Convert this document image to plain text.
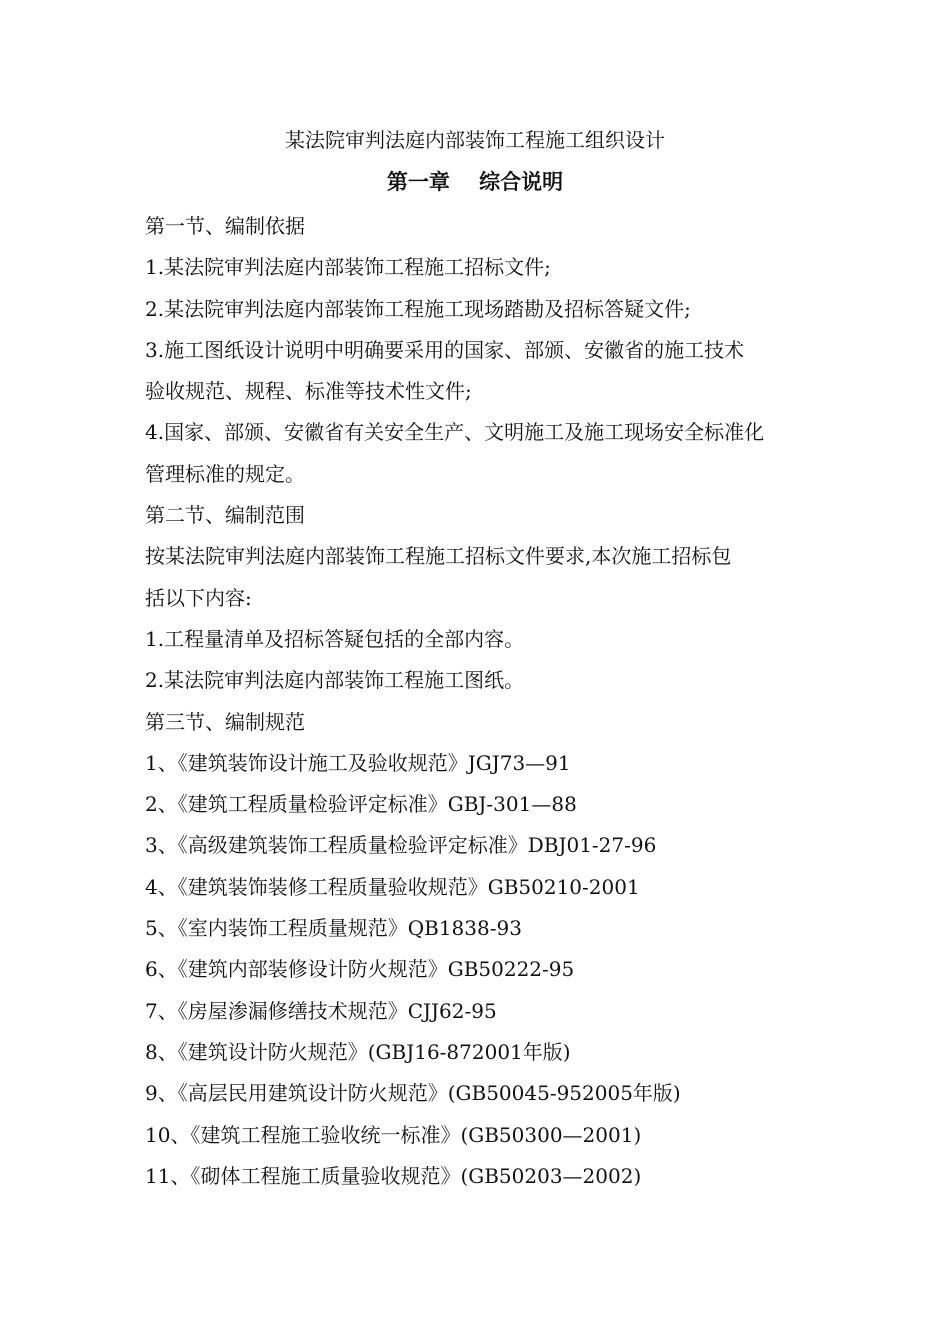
某法院审判法庭内部装饰工程施工组织设计
第一章    综合说明
第一节、编制依据
1.某法院审判法庭内部装饰工程施工招标文件;
2.某法院审判法庭内部装饰工程施工现场踏勘及招标答疑文件;
3.施工图纸设计说明中明确要采用的国家、部颁、安徽省的施工技术
验收规范、规程、标准等技术性文件;
4.国家、部颁、安徽省有关安全生产、文明施工及施工现场安全标准化
管理标准的规定。
第二节、编制范围
按某法院审判法庭内部装饰工程施工招标文件要求,本次施工招标包
括以下内容:
1.工程量清单及招标答疑包括的全部内容。
2.某法院审判法庭内部装饰工程施工图纸。
第三节、编制规范
1、《建筑装饰设计施工及验收规范》JGJ73—91
2、《建筑工程质量检验评定标准》GBJ-301—88
3、《高级建筑装饰工程质量检验评定标准》DBJ01-27-96
4、《建筑装饰装修工程质量验收规范》GB50210-2001
5、《室内装饰工程质量规范》QB1838-93
6、《建筑内部装修设计防火规范》GB50222-95
7、《房屋渗漏修缮技术规范》CJJ62-95
8、《建筑设计防火规范》(GBJ16-872001年版)
9、《高层民用建筑设计防火规范》(GB50045-952005年版)
10、《建筑工程施工验收统一标准》(GB50300—2001)
11、《砌体工程施工质量验收规范》(GB50203—2002)
